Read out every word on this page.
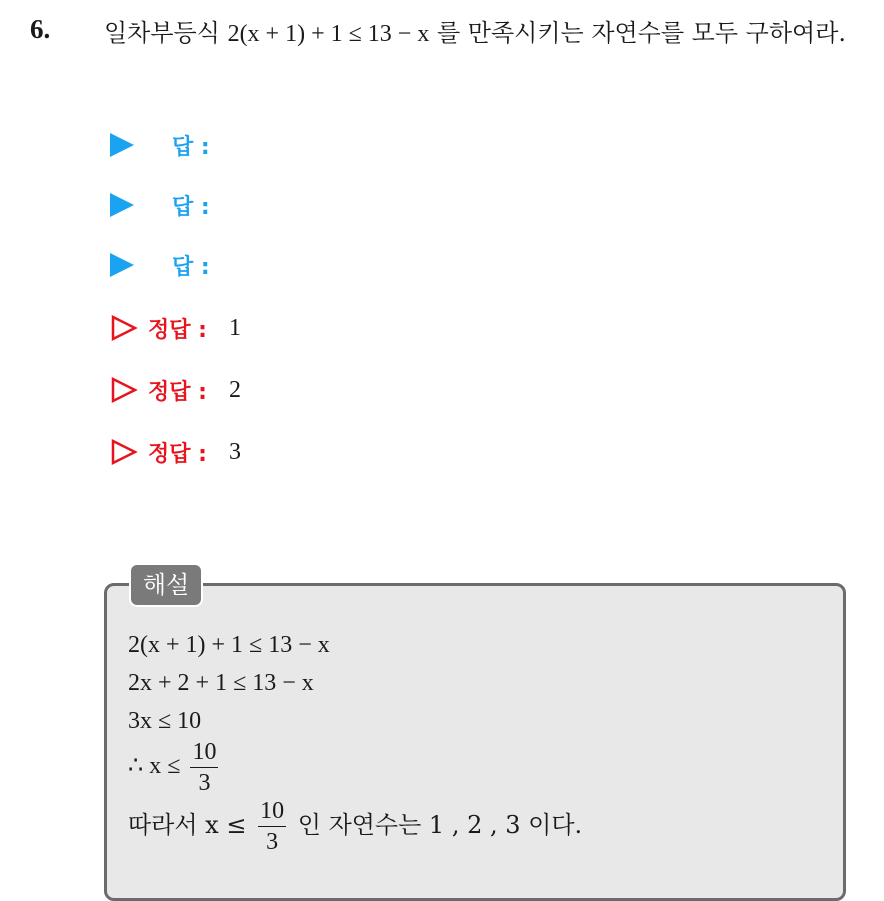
6. 일차부등식 2(x + 1) + 1 ≤ 13 − x 를 만족시키는 자연수를 모두 구하여라.
답 :
답 :
답 :
정답 : 1
정답 : 2
정답 : 3
해설
2(x + 1) + 1 ≤ 13 − x
2x + 2 + 1 ≤ 13 − x
3x ≤ 10
∴ $x \le \frac{10}{3}$
따라서 $x \le \frac{10}{3}$ 인 자연수는 1 , 2 , 3 이다.
